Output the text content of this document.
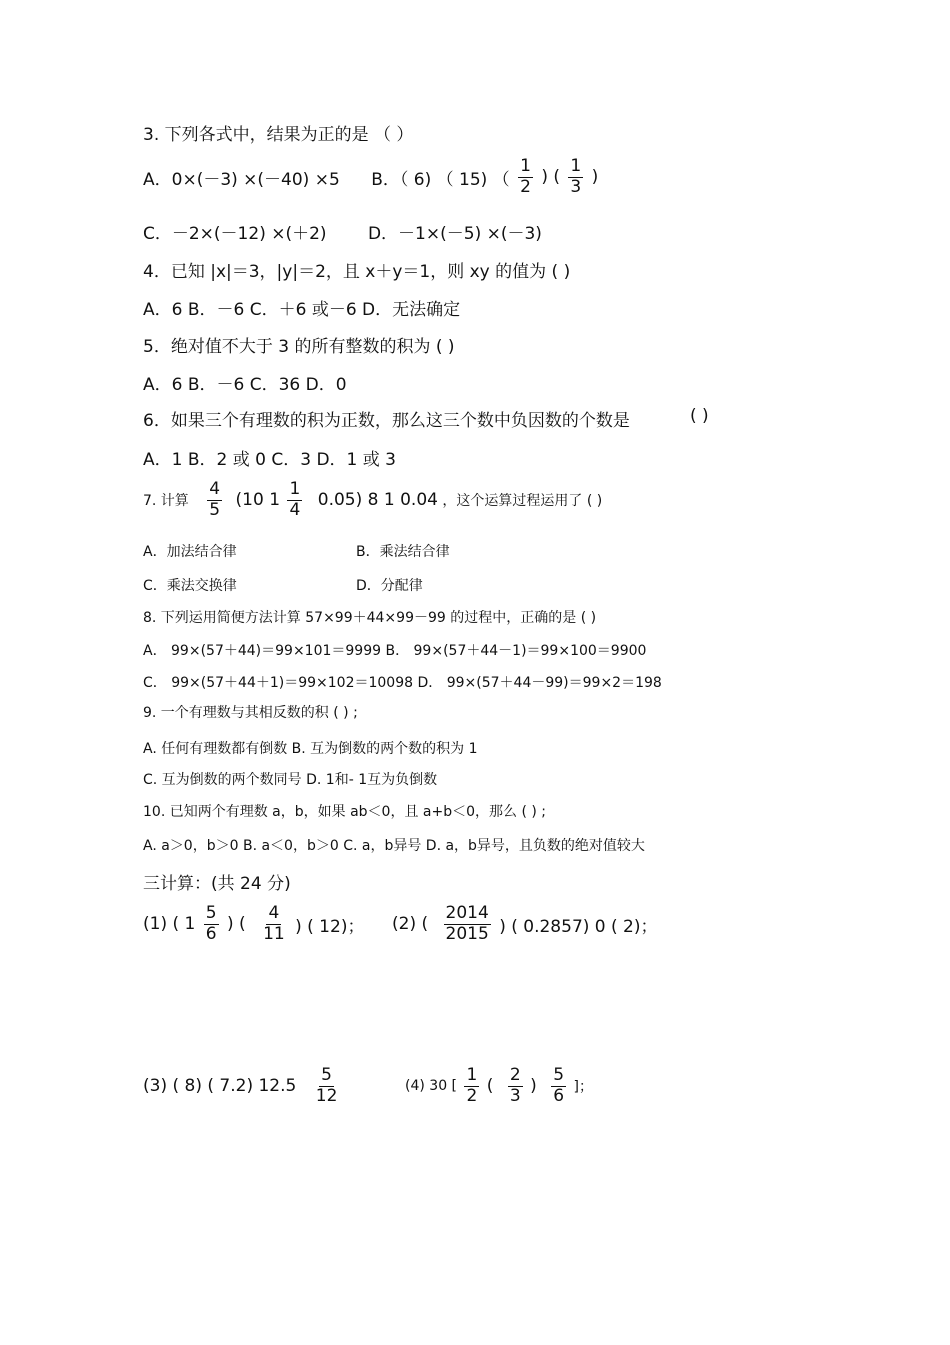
3. 下列各式中，结果为正的是 （ ）
A．0×(－3) ×(－40) ×5 B．（ 6) （ 15) （ $\frac{1}{2}$ ) ( $\frac{1}{3}$ )
C．－2×(－12) ×(＋2) D．－1×(－5) ×(－3)
4．已知 |x|＝3，|y|＝2，且 x＋y＝1，则 xy 的值为 ( )
A．6 B．－6 C．＋6 或－6 D．无法确定
5．绝对值不大于 3 的所有整数的积为 ( )
A．6 B．－6 C．36 D．0
6．如果三个有理数的积为正数，那么这三个数中负因数的个数是	( )
A．1 B．2 或 0 C．3 D．1 或 3
7. 计算 $\frac{4}{5} (10$ $1 \frac{1}{4} 0.05$) 8 1 0.04 ，这个运算过程运用了 ( )
A．加法结合律	B．乘法结合律
C．乘法交换律	D．分配律
8. 下列运用简便方法计算 57×99＋44×99－99 的过程中，正确的是 ( )
A． 99×(57＋44)＝99×101＝9999 B． 99×(57＋44－1)＝99×100＝9900
C． 99×(57＋44＋1)＝99×102＝10098 D． 99×(57＋44－99)＝99×2＝198
9. 一个有理数与其相反数的积 ( ) ;
A. 任何有理数都有倒数 B. 互为倒数的两个数的积为 1
C. 互为倒数的两个数同号 D. 1和- 1互为负倒数
10. 已知两个有理数 a，b，如果 ab＜0，且 a+b＜0，那么 ( ) ;
A. a＞0，b＞0 B. a＜0，b＞0 C. a，b异号 D. a，b异号，且负数的绝对值较大
三计算：(共 24 分)
(1) ( $1 \frac{5}{6}$ ) ( $\frac{4}{11}$ ) ( 12)； (2) ( $\frac{2014}{2015}$ ) ( 0.2857) 0 ( 2)；
(3) ( 8) ( 7.2) $12.5 \frac{5}{12}$	(4) 30 [ $\frac{1}{2}$ ( $\frac{2}{3}$ ) $\frac{5}{6}$ ]；
